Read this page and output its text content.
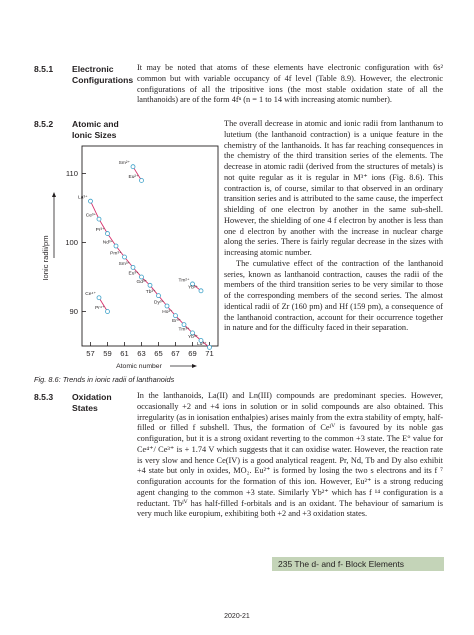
8.5.1 Electronic Configurations

It may be noted that atoms of these elements have electronic configuration with 6s² common but with variable occupancy of 4f level (Table 8.9). However, the electronic configurations of all the tripositive ions (the most stable oxidation state of all the lanthanoids) are of the form 4fⁿ (n = 1 to 14 with increasing atomic number).

8.5.2 Atomic and Ionic Sizes

The overall decrease in atomic and ionic radii from lanthanum to lutetium (the lanthanoid contraction) is a unique feature in the chemistry of the lanthanoids. It has far reaching consequences in the chemistry of the third transition series of the elements. The decrease in atomic radii (derived from the structures of metals) is not quite regular as it is regular in M³⁺ ions (Fig. 8.6). This contraction is, of course, similar to that observed in an ordinary transition series and is attributed to the same cause, the imperfect shielding of one electron by another in the same sub-shell. However, the shielding of one 4 f electron by another is less than one d electron by another with the increase in nuclear charge along the series. There is fairly regular decrease in the sizes with increasing atomic number.

The cumulative effect of the contraction of the lanthanoid series, known as lanthanoid contraction, causes the radii of the members of the third transition series to be very similar to those of the corresponding members of the second series. The almost identical radii of Zr (160 pm) and Hf (159 pm), a consequence of the lanthanoid contraction, account for their occurrence together in nature and for the difficulty faced in their separation.

Ionic radii/pm
90
100
110
57 59 61 63 65 67 69 71
La³⁺
Ce³⁺
Pr³⁺
Nd³⁺
Pm³⁺
Sm³⁺
Eu³⁺
Gd³⁺
Tb³⁺
Dy³⁺
Ho³⁺
Er³⁺
Tm³⁺
Yb³⁺
Lu³⁺
Sm²⁺
Eu²⁺
Tm²⁺
Yb²⁺
Ce⁴⁺
Pr⁴⁺
Atomic number
Fig. 8.6: Trends in ionic radii of lanthanoids
8.5.3 Oxidation States

In the lanthanoids, La(II) and Ln(III) compounds are predominant species. However, occasionally +2 and +4 ions in solution or in solid compounds are also obtained. This irregularity (as in ionisation enthalpies) arises mainly from the extra stability of empty, half-filled or filled f subshell. Thus, the formation of Ceᴵⱽ is favoured by its noble gas configuration, but it is a strong oxidant reverting to the common +3 state. The E° value for Ce⁴⁺/ Ce³⁺ is + 1.74 V which suggests that it can oxidise water. However, the reaction rate is very slow and hence Ce(IV) is a good analytical reagent. Pr, Nd, Tb and Dy also exhibit +4 state but only in oxides, MO₂. Eu²⁺ is formed by losing the two s electrons and its f ⁷ configuration accounts for the formation of this ion. However, Eu²⁺ is a strong reducing agent changing to the common +3 state. Similarly Yb²⁺ which has f ¹⁴ configuration is a reductant. Tbᴵⱽ has half-filled f-orbitals and is an oxidant. The behaviour of samarium is very much like europium, exhibiting both +2 and +3 oxidation states.

235 The d- and f- Block Elements
2020-21
